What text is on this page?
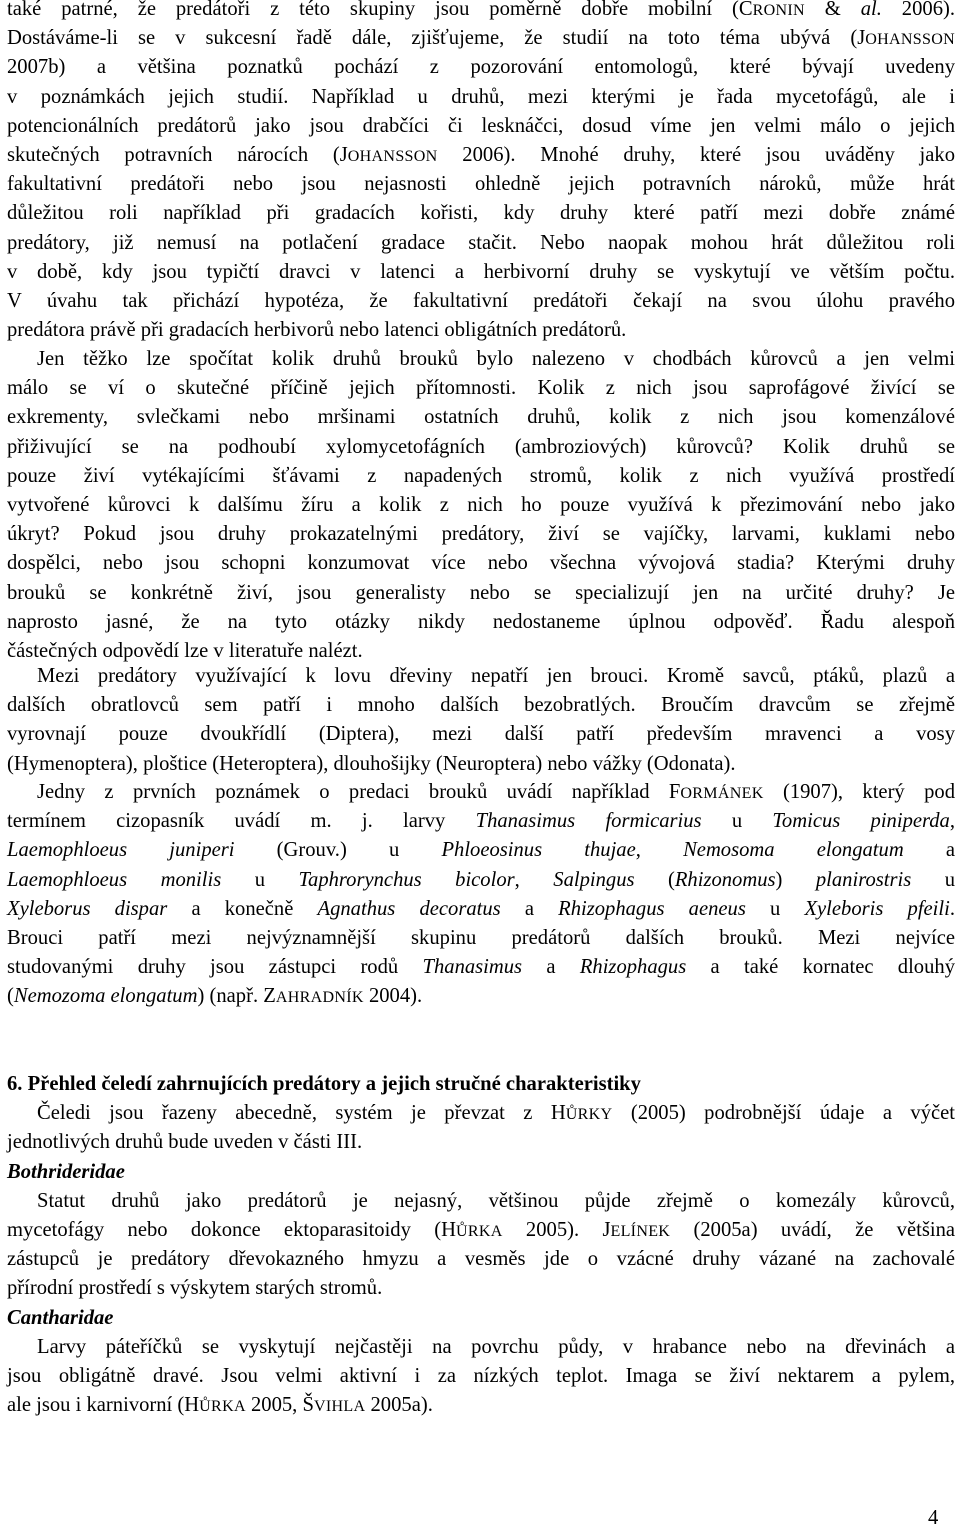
také patrné, že predátoři z této skupiny jsou poměrně dobře mobilní (CRONIN & al. 2006).
Dostáváme-li se v sukcesní řadě dále, zjišťujeme, že studií na toto téma ubývá (JOHANSSON
2007b) a většina poznatků pochází z pozorování entomologů, které bývají uvedeny
v poznámkách jejich studií. Například u druhů, mezi kterými je řada mycetofágů, ale i
potencionálních predátorů jako jsou drabčíci či lesknáčci, dosud víme jen velmi málo o jejich
skutečných potravních nárocích (JOHANSSON 2006). Mnohé druhy, které jsou uváděny jako
fakultativní predátoři nebo jsou nejasnosti ohledně jejich potravních nároků, může hrát
důležitou roli například při gradacích kořisti, kdy druhy které patří mezi dobře známé
predátory, již nemusí na potlačení gradace stačit. Nebo naopak mohou hrát důležitou roli
v době, kdy jsou typičtí dravci v latenci a herbivorní druhy se vyskytují ve větším počtu.
V úvahu tak přichází hypotéza, že fakultativní predátoři čekají na svou úlohu pravého
predátora právě při gradacích herbivorů nebo latenci obligátních predátorů.
Jen těžko lze spočítat kolik druhů brouků bylo nalezeno v chodbách kůrovců a jen velmi
málo se ví o skutečné příčině jejich přítomnosti. Kolik z nich jsou saprofágové živící se
exkrementy, svlečkami nebo mršinami ostatních druhů, kolik z nich jsou komenzálové
přiživující se na podhoubí xylomycetofágních (ambroziových) kůrovců? Kolik druhů se
pouze živí vytékajícími šťávami z napadených stromů, kolik z nich využívá prostředí
vytvořené kůrovci k dalšímu žíru a kolik z nich ho pouze využívá k přezimování nebo jako
úkryt? Pokud jsou druhy prokazatelnými predátory, živí se vajíčky, larvami, kuklami nebo
dospělci, nebo jsou schopni konzumovat více nebo všechna vývojová stadia? Kterými druhy
brouků se konkrétně živí, jsou generalisty nebo se specializují jen na určité druhy? Je
naprosto jasné, že na tyto otázky nikdy nedostaneme úplnou odpověď. Řadu alespoň
částečných odpovědí lze v literatuře nalézt.
Mezi predátory využívající k lovu dřeviny nepatří jen brouci. Kromě savců, ptáků, plazů a
dalších obratlovců sem patří i mnoho dalších bezobratlých. Broučím dravcům se zřejmě
vyrovnají pouze dvoukřídlí (Diptera), mezi další patří především mravenci a vosy
(Hymenoptera), ploštice (Heteroptera), dlouhošijky (Neuroptera) nebo vážky (Odonata).
Jedny z prvních poznámek o predaci brouků uvádí například FORMÁNEK (1907), který pod
termínem cizopasník uvádí m. j. larvy Thanasimus formicarius u Tomicus piniperda,
Laemophloeus juniperi (Grouv.) u Phloeosinus thujae, Nemosoma elongatum a
Laemophloeus monilis u Taphrorynchus bicolor, Salpingus (Rhizonomus) planirostris u
Xyleborus dispar a konečně Agnathus decoratus a Rhizophagus aeneus u Xyleboris pfeili.
Brouci patří mezi nejvýznamnější skupinu predátorů dalších brouků. Mezi nejvíce
studovanými druhy jsou zástupci rodů Thanasimus a Rhizophagus a také kornatec dlouhý
(Nemozoma elongatum) (např. ZAHRADNÍK 2004).
6. Přehled čeledí zahrnujících predátory a jejich stručné charakteristiky
Čeledi jsou řazeny abecedně, systém je převzat z HŮRKY (2005) podrobnější údaje a výčet
jednotlivých druhů bude uveden v části III.
Bothrideridae
Statut druhů jako predátorů je nejasný, většinou půjde zřejmě o komezály kůrovců,
mycetofágy nebo dokonce ektoparasitoidy (HŮRKA 2005). JELÍNEK (2005a) uvádí, že většina
zástupců je predátory dřevokazného hmyzu a vesměs jde o vzácné druhy vázané na zachovalé
přírodní prostředí s výskytem starých stromů.
Cantharidae
Larvy páteříčků se vyskytují nejčastěji na povrchu půdy, v hrabance nebo na dřevinách a
jsou obligátně dravé. Jsou velmi aktivní i za nízkých teplot. Imaga se živí nektarem a pylem,
ale jsou i karnivorní (HŮRKA 2005, ŠVIHLA 2005a).
4
